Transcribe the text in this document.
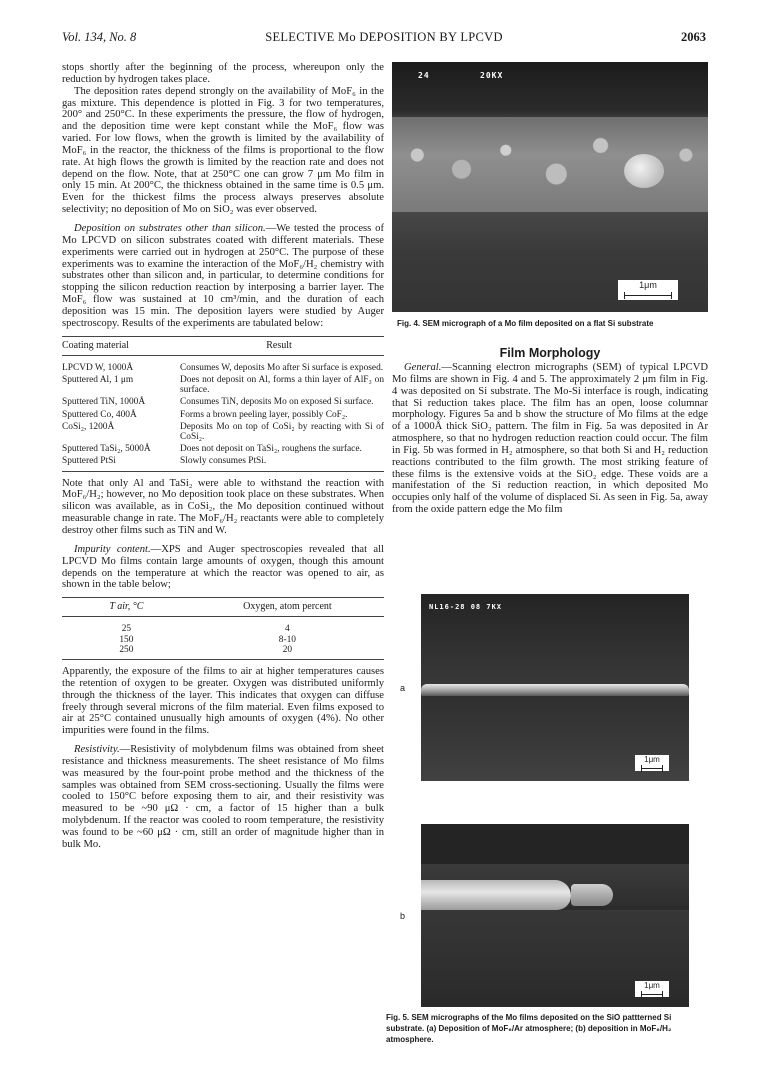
Vol. 134, No. 8	SELECTIVE Mo DEPOSITION BY LPCVD	2063

stops shortly after the beginning of the process, whereupon only the reduction by hydrogen takes place.

The deposition rates depend strongly on the availability of MoF₆ in the gas mixture. This dependence is plotted in Fig. 3 for two temperatures, 200° and 250°C. In these experiments the pressure, the flow of hydrogen, and the deposition time were kept constant while the MoF₆ flow was varied. For low flows, when the growth is limited by the availability of MoF₆ in the reactor, the thickness of the films is proportional to the flow rate. At high flows the growth is limited by the reaction rate and does not depend on the flow. Note, that at 250°C one can grow 7 μm Mo film in only 15 min. At 200°C, the thickness obtained in the same time is 0.5 μm. Even for the thickest films the process always preserves absolute selectivity; no deposition of Mo on SiO₂ was ever observed.

Deposition on substrates other than silicon.—We tested the process of Mo LPCVD on silicon substrates coated with different materials. These experiments were carried out in hydrogen at 250°C. The purpose of these experiments was to examine the interaction of the MoF₆/H₂ chemistry with substrates other than silicon and, in particular, to determine conditions for stopping the silicon reduction reaction by interposing a barrier layer. The MoF₆ flow was sustained at 10 cm³/min, and the duration of each deposition was 15 min. The deposition layers were studied by Auger spectroscopy. Results of the experiments are tabulated below:

Coating material	Result
LPCVD W, 1000Å	Consumes W, deposits Mo after Si surface is exposed.
Sputtered Al, 1 μm	Does not deposit on Al, forms a thin layer of AlF₃ on surface.
Sputtered TiN, 1000Å	Consumes TiN, deposits Mo on exposed Si surface.
Sputtered Co, 400Å	Forms a brown peeling layer, possibly CoF₂.
CoSi₂, 1200Å	Deposits Mo on top of CoSi₂ by reacting with Si of CoSi₂.
Sputtered TaSi₂, 5000Å	Does not deposit on TaSi₂, roughens the surface.
Sputtered PtSi	Slowly consumes PtSi.

Note that only Al and TaSi₂ were able to withstand the reaction with MoF₆/H₂; however, no Mo deposition took place on these substrates. When silicon was available, as in CoSi₂, the Mo deposition continued without measurable change in rate. The MoF₆/H₂ reactants were able to completely destroy other films such as TiN and W.

Impurity content.—XPS and Auger spectroscopies revealed that all LPCVD Mo films contain large amounts of oxygen, though this amount depends on the temperature at which the reactor was opened to air, as shown in the table below;

T air, °C	Oxygen, atom percent
25	4
150	8-10
250	20

Apparently, the exposure of the films to air at higher temperatures causes the retention of oxygen to be greater. Oxygen was distributed uniformly through the thickness of the layer. This indicates that oxygen can diffuse freely through several microns of the film material. Even films exposed to air at 25°C contained unusually high amounts of oxygen (4%). No other impurities were found in the films.

Resistivity.—Resistivity of molybdenum films was obtained from sheet resistance and thickness measurements. The sheet resistance of Mo films was measured by the four-point probe method and the thickness of the samples was obtained from SEM cross-sectioning. Usually the films were cooled to 150°C before exposing them to air, and their resistivity was measured to be ~90 μΩ · cm, a factor of 15 higher than a bulk molybdenum. If the reactor was cooled to room temperature, the resistivity was found to be ~60 μΩ · cm, still an order of magnitude higher than in bulk Mo.

24	20KX
1μm
Fig. 4. SEM micrograph of a Mo film deposited on a flat Si substrate
Film Morphology

General.—Scanning electron micrographs (SEM) of typical LPCVD Mo films are shown in Fig. 4 and 5. The approximately 2 μm film in Fig. 4 was deposited on Si substrate. The Mo-Si interface is rough, indicating that Si reduction takes place. The film has an open, loose columnar morphology. Figures 5a and b show the structure of Mo films at the edge of a 1000Å thick SiO₂ pattern. The film in Fig. 5a was deposited in Ar atmosphere, so that no hydrogen reduction reaction could occur. The film in Fig. 5b was formed in H₂ atmosphere, so that both Si and H₂ reduction reactions contributed to the film growth. The most striking feature of these films is the extensive voids at the SiO₂ edge. These voids are a manifestation of the Si reduction reaction, in which deposited Mo occupies only half of the volume of displaced Si. As seen in Fig. 5a, away from the oxide pattern edge the Mo film

a
NL16-28 08 7KX
1μm
b
1μm
Fig. 5. SEM micrographs of the Mo films deposited on the SiO pattterned Si substrate. (a) Deposition of MoF₆/Ar atmosphere; (b) deposition in MoF₆/H₂ atmosphere.
